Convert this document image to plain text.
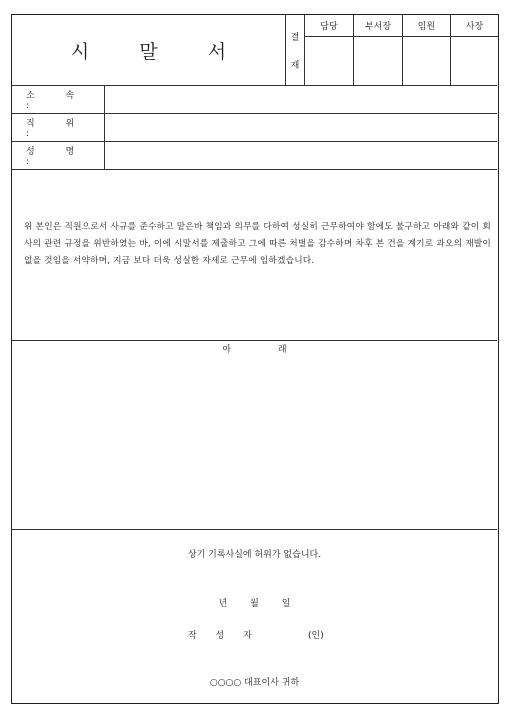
시 말 서
결
재
담당	부서장	임원	사장
소 속 :
직 위 :
성 명 :
위 본인은 직원으로서 사규를 준수하고 맡은바 책임과 의무를 다하여 성실히 근무하여야 함에도 불구하고 아래와 같이 회사의 관련 규정을 위반하였는 바, 이에 시말서를 제출하고 그에 따른 처벌을 감수하며 차후 본 건을 계기로 과오의 재발이 없을 것임을 서약하며, 지금 보다 더욱 성실한 자세로 근무에 임하겠습니다.
아 래
상기 기록사실에 허위가 없습니다.
년 월 일
작 성 자	(인)
○○○○ 대표이사 귀하
